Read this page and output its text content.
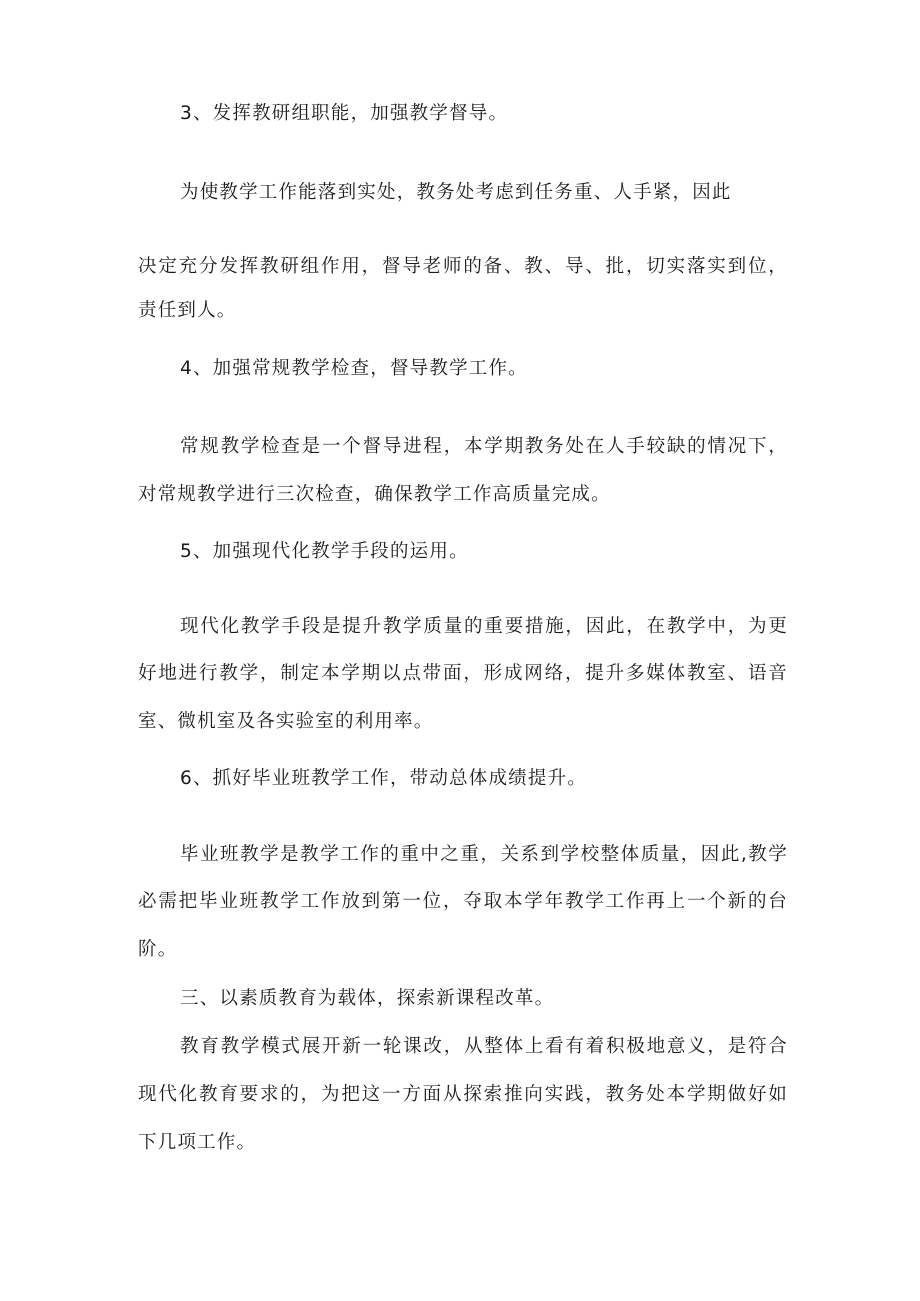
3、发挥教研组职能，加强教学督导。
为使教学工作能落到实处，教务处考虑到任务重、人手紧，因此
决定充分发挥教研组作用，督导老师的备、教、导、批，切实落实到位，
责任到人。
4、加强常规教学检查，督导教学工作。
常规教学检查是一个督导进程，本学期教务处在人手较缺的情况下，
对常规教学进行三次检查，确保教学工作高质量完成。
5、加强现代化教学手段的运用。
现代化教学手段是提升教学质量的重要措施，因此，在教学中，为更
好地进行教学，制定本学期以点带面，形成网络，提升多媒体教室、语音
室、微机室及各实验室的利用率。
6、抓好毕业班教学工作，带动总体成绩提升。
毕业班教学是教学工作的重中之重，关系到学校整体质量，因此,教学
必需把毕业班教学工作放到第一位，夺取本学年教学工作再上一个新的台
阶。
三、以素质教育为载体，探索新课程改革。
教育教学模式展开新一轮课改，从整体上看有着积极地意义，是符合
现代化教育要求的，为把这一方面从探索推向实践，教务处本学期做好如
下几项工作。
